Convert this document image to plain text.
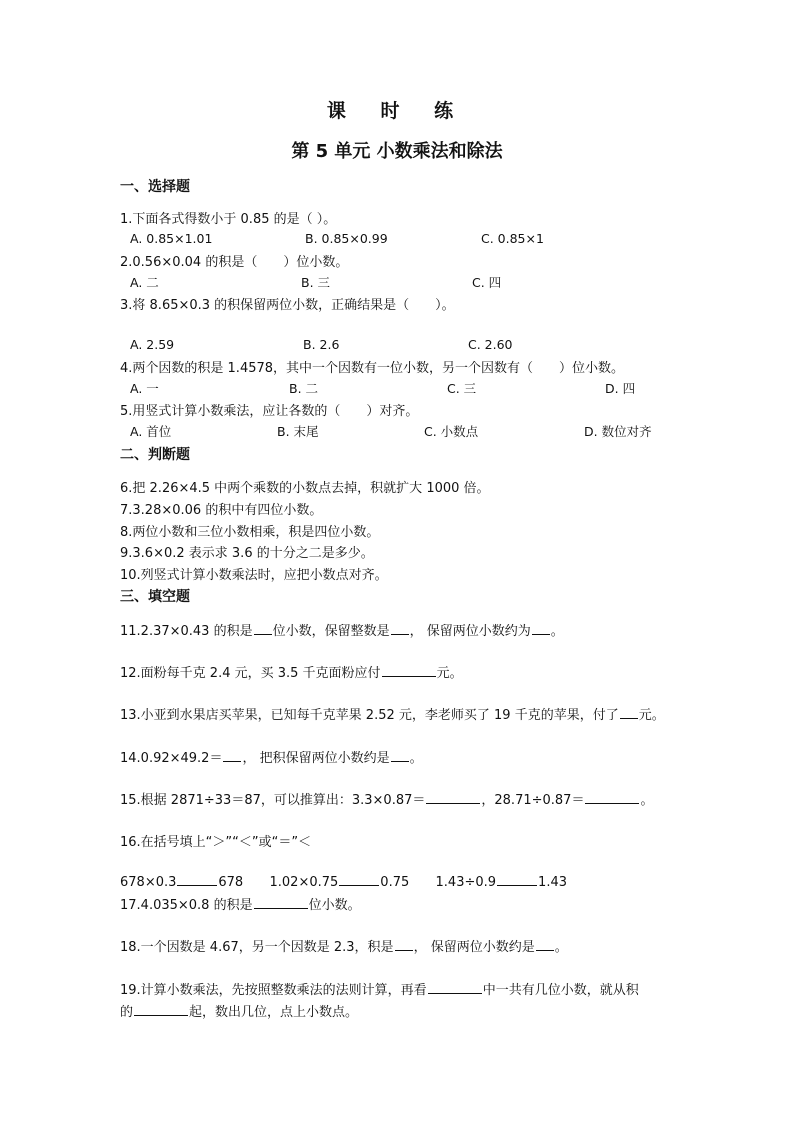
课 时 练
第 5 单元 小数乘法和除法
一、选择题
1.下面各式得数小于 0.85 的是（ ）。
A. 0.85×1.01	B. 0.85×0.99	C. 0.85×1
2.0.56×0.04 的积是（　　）位小数。
A. 二	B. 三	C. 四
3.将 8.65×0.3 的积保留两位小数，正确结果是（　　）。
A. 2.59	B. 2.6	C. 2.60
4.两个因数的积是 1.4578，其中一个因数有一位小数，另一个因数有（　　）位小数。
A. 一	B. 二	C. 三	D. 四
5.用竖式计算小数乘法，应让各数的（　　）对齐。
A. 首位	B. 末尾	C. 小数点	D. 数位对齐
二、判断题
6.把 2.26×4.5 中两个乘数的小数点去掉，积就扩大 1000 倍。
7.3.28×0.06 的积中有四位小数。
8.两位小数和三位小数相乘，积是四位小数。
9.3.6×0.2 表示求 3.6 的十分之二是多少。
10.列竖式计算小数乘法时，应把小数点对齐。
三、填空题
11.2.37×0.43 的积是 位小数，保留整数是 ， 保留两位小数约为 。
12.面粉每千克 2.4 元，买 3.5 千克面粉应付	元。
13.小亚到水果店买苹果，已知每千克苹果 2.52 元，李老师买了 19 千克的苹果，付了 元。
14.0.92×49.2＝ ， 把积保留两位小数约是 。
15.根据 2871÷33＝87，可以推算出：3.3×0.87＝	，28.71÷0.87＝	。
16.在括号填上“＞”“＜”或“＝”＜
678×0.3	678 1.02×0.75	0.75 1.43÷0.9	1.43
17.4.035×0.8 的积是	位小数。
18.一个因数是 4.67，另一个因数是 2.3，积是 ， 保留两位小数约是 。
19.计算小数乘法，先按照整数乘法的法则计算，再看	中一共有几位小数，就从积
的	起，数出几位，点上小数点。
